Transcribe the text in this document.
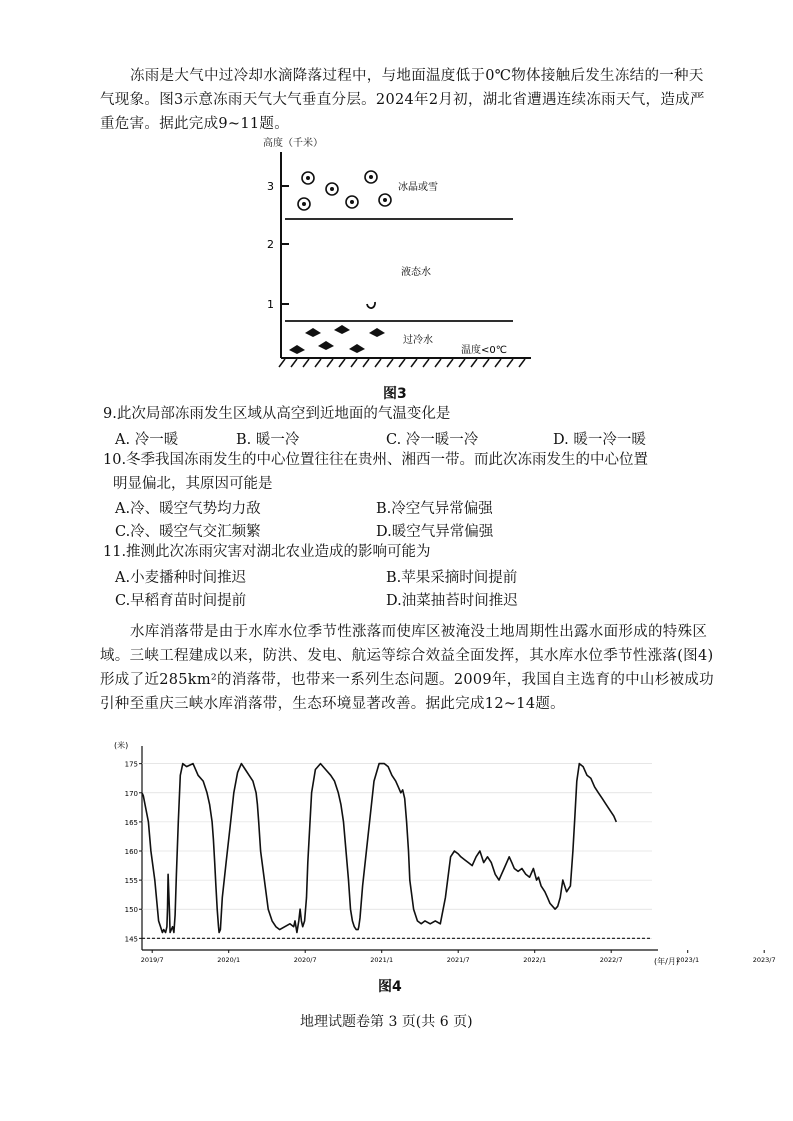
冻雨是大气中过冷却水滴降落过程中，与地面温度低于0℃物体接触后发生冻结的一种天气现象。图3示意冻雨天气大气垂直分层。2024年2月初，湖北省遭遇连续冻雨天气，造成严重危害。据此完成9~11题。
高度（千米）
3
2
1
冰晶或雪
液态水
过冷水
温度<0℃
图3
9.此次局部冻雨发生区域从高空到近地面的气温变化是
A. 冷一暖	B. 暖一冷	C. 冷一暖一冷	D. 暖一冷一暖
10.冬季我国冻雨发生的中心位置往往在贵州、湘西一带。而此次冻雨发生的中心位置
明显偏北，其原因可能是
A.冷、暖空气势均力敌	B.冷空气异常偏强
C.冷、暖空气交汇频繁	D.暖空气异常偏强
11.推测此次冻雨灾害对湖北农业造成的影响可能为
A.小麦播种时间推迟	B.苹果采摘时间提前
C.早稻育苗时间提前	D.油菜抽苔时间推迟
水库消落带是由于水库水位季节性涨落而使库区被淹没土地周期性出露水面形成的特殊区域。三峡工程建成以来，防洪、发电、航运等综合效益全面发挥，其水库水位季节性涨落(图4)形成了近285km²的消落带，也带来一系列生态问题。2009年，我国自主选育的中山杉被成功引种至重庆三峡水库消落带，生态环境显著改善。据此完成12~14题。
(米)
(年/月)
175
170
165
160
155
150
145
2019/7	2020/1	2020/7	2021/1	2021/7	2022/1	2022/7	2023/1	2023/7
图4
地理试题卷第 3 页(共 6 页)
